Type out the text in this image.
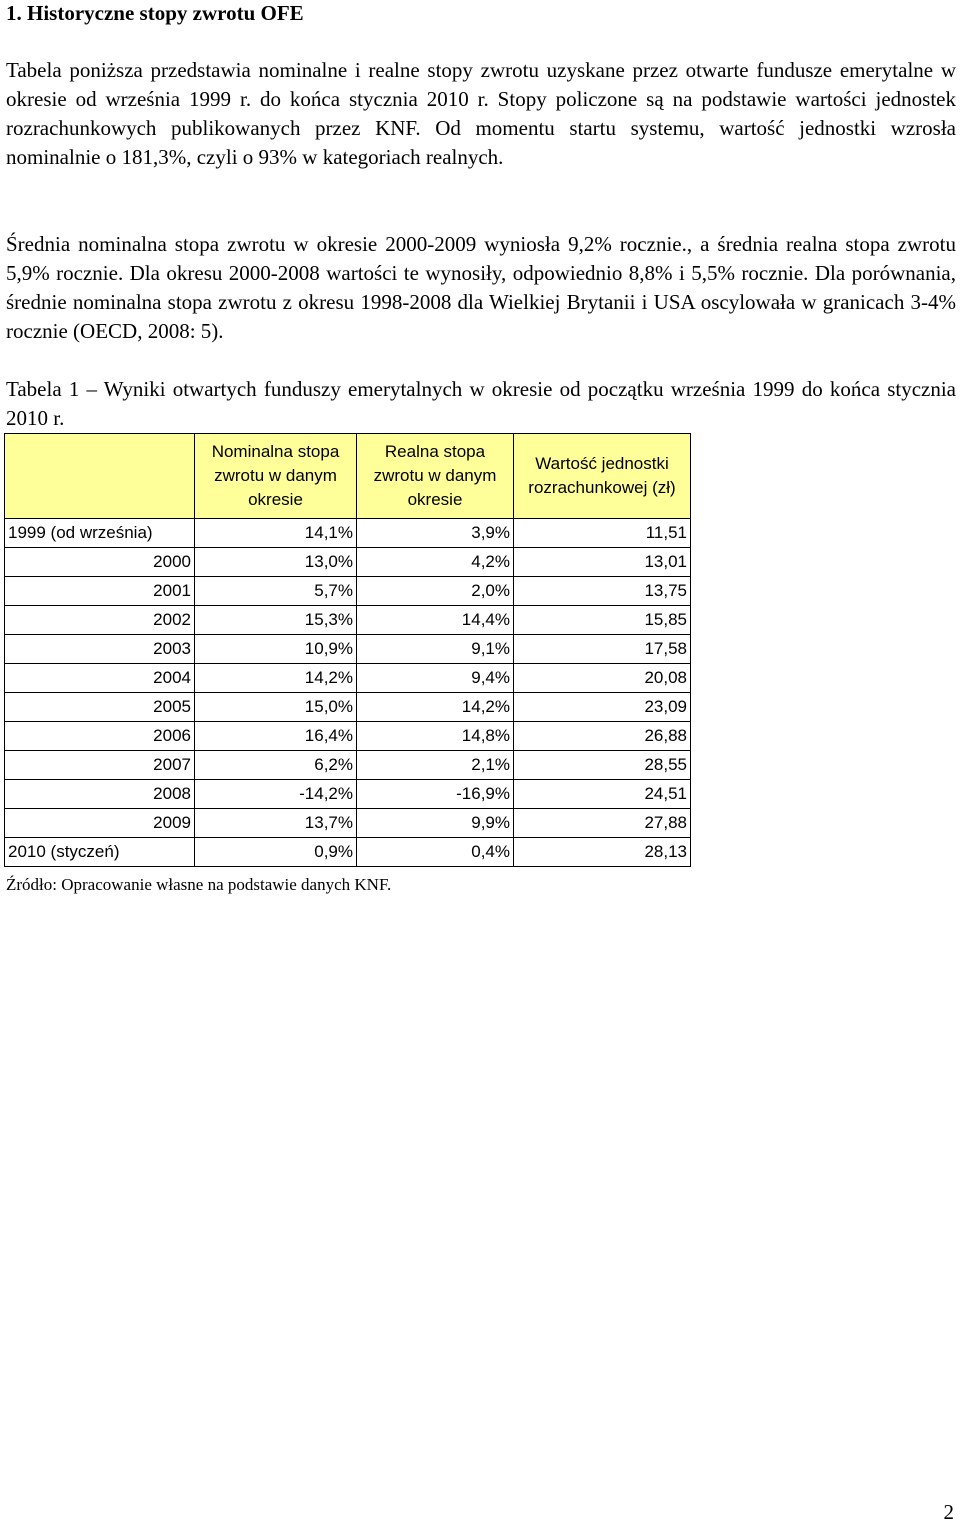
1. Historyczne stopy zwrotu OFE

Tabela poniższa przedstawia nominalne i realne stopy zwrotu uzyskane przez otwarte fundusze emerytalne w okresie od września 1999 r. do końca stycznia 2010 r. Stopy policzone są na podstawie wartości jednostek rozrachunkowych publikowanych przez KNF. Od momentu startu systemu, wartość jednostki wzrosła nominalnie o 181,3%, czyli o 93% w kategoriach realnych.

Średnia nominalna stopa zwrotu w okresie 2000-2009 wyniosła 9,2% rocznie., a średnia realna stopa zwrotu 5,9% rocznie. Dla okresu 2000-2008 wartości te wynosiły, odpowiednio 8,8% i 5,5% rocznie. Dla porównania, średnie nominalna stopa zwrotu z okresu 1998-2008 dla Wielkiej Brytanii i USA oscylowała w granicach 3-4% rocznie (OECD, 2008: 5).

Tabela 1 – Wyniki otwartych funduszy emerytalnych w okresie od początku września 1999 do końca stycznia 2010 r.

	Nominalna stopa zwrotu w danym okresie	Realna stopa zwrotu w danym okresie	Wartość jednostki rozrachunkowej (zł)
1999 (od września)	14,1%	3,9%	11,51
2000	13,0%	4,2%	13,01
2001	5,7%	2,0%	13,75
2002	15,3%	14,4%	15,85
2003	10,9%	9,1%	17,58
2004	14,2%	9,4%	20,08
2005	15,0%	14,2%	23,09
2006	16,4%	14,8%	26,88
2007	6,2%	2,1%	28,55
2008	-14,2%	-16,9%	24,51
2009	13,7%	9,9%	27,88
2010 (styczeń)	0,9%	0,4%	28,13

Źródło: Opracowanie własne na podstawie danych KNF.

2
